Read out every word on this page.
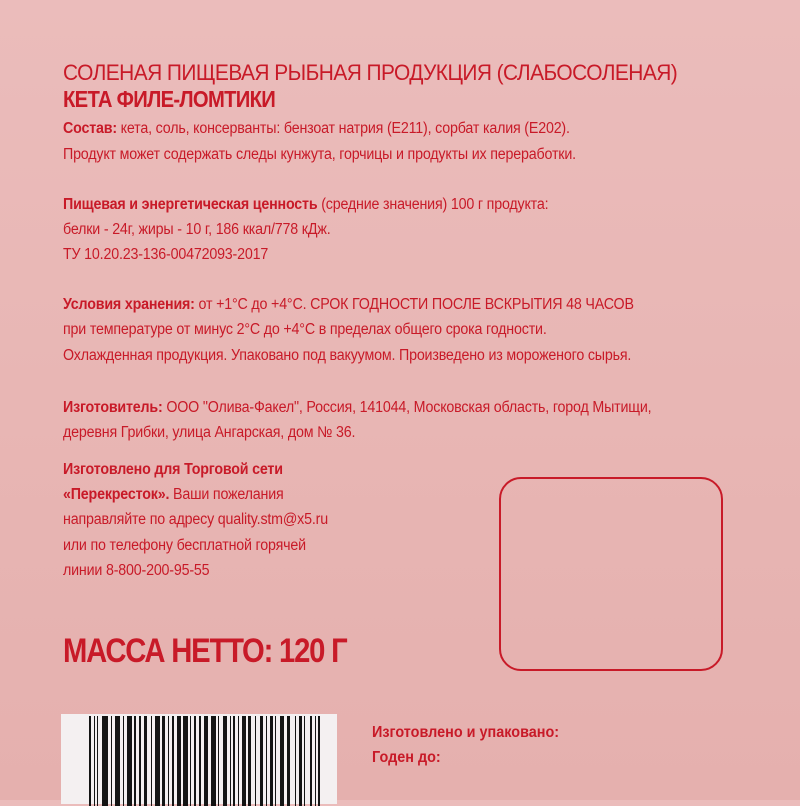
СОЛЕНАЯ ПИЩЕВАЯ РЫБНАЯ ПРОДУКЦИЯ (СЛАБОСОЛЕНАЯ)
КЕТА ФИЛЕ-ЛОМТИКИ
Состав: кета, соль, консерванты: бензоат натрия (Е211), сорбат калия (Е202).
Продукт может содержать следы кунжута, горчицы и продукты их переработки.
Пищевая и энергетическая ценность (средние значения) 100 г продукта:
белки - 24г, жиры - 10 г, 186 ккал/778 кДж.
ТУ 10.20.23-136-00472093-2017
Условия хранения: от +1°С до +4°С. СРОК ГОДНОСТИ ПОСЛЕ ВСКРЫТИЯ 48 ЧАСОВ
при температуре от минус 2°С до +4°С в пределах общего срока годности.
Охлажденная продукция. Упаковано под вакуумом. Произведено из мороженого сырья.
Изготовитель: ООО "Олива-Факел", Россия, 141044, Московская область, город Мытищи,
деревня Грибки, улица Ангарская, дом № 36.
Изготовлено для Торговой сети
«Перекресток». Ваши пожелания
направляйте по адресу quality.stm@x5.ru
или по телефону бесплатной горячей
линии 8-800-200-95-55
МАССА НЕТТО: 120 Г
Изготовлено и упаковано:
Годен до:
